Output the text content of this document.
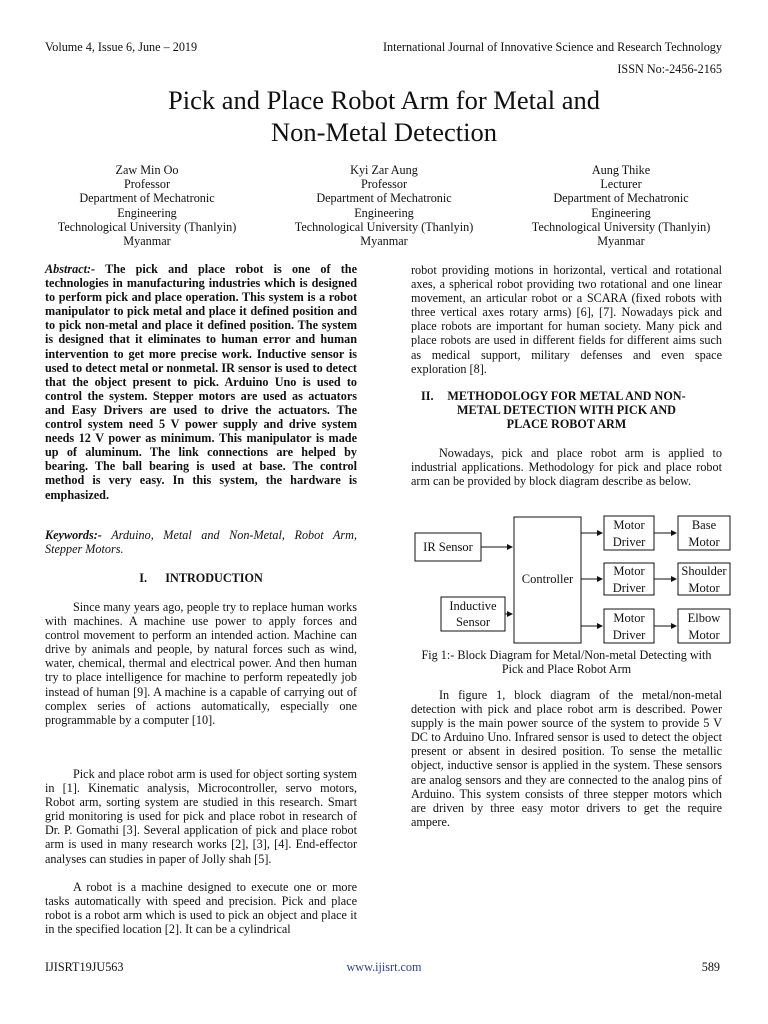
Volume 4, Issue 6, June – 2019	International Journal of Innovative Science and Research Technology
ISSN No:-2456-2165
Pick and Place Robot Arm for Metal and
Non-Metal Detection
Zaw Min Oo
Professor
Department of Mechatronic
Engineering
Technological University (Thanlyin)
Myanmar
Kyi Zar Aung
Professor
Department of Mechatronic
Engineering
Technological University (Thanlyin)
Myanmar
Aung Thike
Lecturer
Department of Mechatronic
Engineering
Technological University (Thanlyin)
Myanmar

Abstract:- The pick and place robot is one of the technologies in manufacturing industries which is designed to perform pick and place operation. This system is a robot manipulator to pick metal and place it defined position and to pick non-metal and place it defined position. The system is designed that it eliminates to human error and human intervention to get more precise work. Inductive sensor is used to detect metal or nonmetal. IR sensor is used to detect that the object present to pick. Arduino Uno is used to control the system. Stepper motors are used as actuators and Easy Drivers are used to drive the actuators. The control system need 5 V power supply and drive system needs 12 V power as minimum. This manipulator is made up of aluminum. The link connections are helped by bearing. The ball bearing is used at base. The control method is very easy. In this system, the hardware is emphasized.

Keywords:- Arduino, Metal and Non-Metal, Robot Arm, Stepper Motors.

I.      INTRODUCTION

Since many years ago, people try to replace human works with machines. A machine use power to apply forces and control movement to perform an intended action. Machine can drive by animals and people, by natural forces such as wind, water, chemical, thermal and electrical power. And then human try to place intelligence for machine to perform repeatedly job instead of human [9]. A machine is a capable of carrying out of complex series of actions automatically, especially one programmable by a computer [10].

Pick and place robot arm is used for object sorting system in [1]. Kinematic analysis, Microcontroller, servo motors, Robot arm, sorting system are studied in this research. Smart grid monitoring is used for pick and place robot in research of Dr. P. Gomathi [3]. Several application of pick and place robot arm is used in many research works [2], [3], [4]. End-effector analyses can studies in paper of Jolly shah [5].

A robot is a machine designed to execute one or more tasks automatically with speed and precision. Pick and place robot is a robot arm which is used to pick an object and place it in the specified location [2]. It can be a cylindrical

robot providing motions in horizontal, vertical and rotational axes, a spherical robot providing two rotational and one linear movement, an articular robot or a SCARA (fixed robots with three vertical axes rotary arms) [6], [7]. Nowadays pick and place robots are important for human society. Many pick and place robots are used in different fields for different aims such as medical support, military defenses and even space exploration [8].

II.	METHODOLOGY FOR METAL AND NON-
METAL DETECTION WITH PICK AND
PLACE ROBOT ARM

Nowadays, pick and place robot arm is applied to industrial applications. Methodology for pick and place robot arm can be provided by block diagram describe as below.

IR Sensor
Inductive
Sensor
Controller
Motor
Driver
Motor
Driver
Motor
Driver
Base
Motor
Shoulder
Motor
Elbow
Motor
Fig 1:- Block Diagram for Metal/Non-metal Detecting with
Pick and Place Robot Arm

In figure 1, block diagram of the metal/non-metal detection with pick and place robot arm is described. Power supply is the main power source of the system to provide 5 V DC to Arduino Uno. Infrared sensor is used to detect the object present or absent in desired position. To sense the metallic object, inductive sensor is applied in the system. These sensors are analog sensors and they are connected to the analog pins of Arduino. This system consists of three stepper motors which are driven by three easy motor drivers to get the require ampere.

IJISRT19JU563	www.ijisrt.com	589
